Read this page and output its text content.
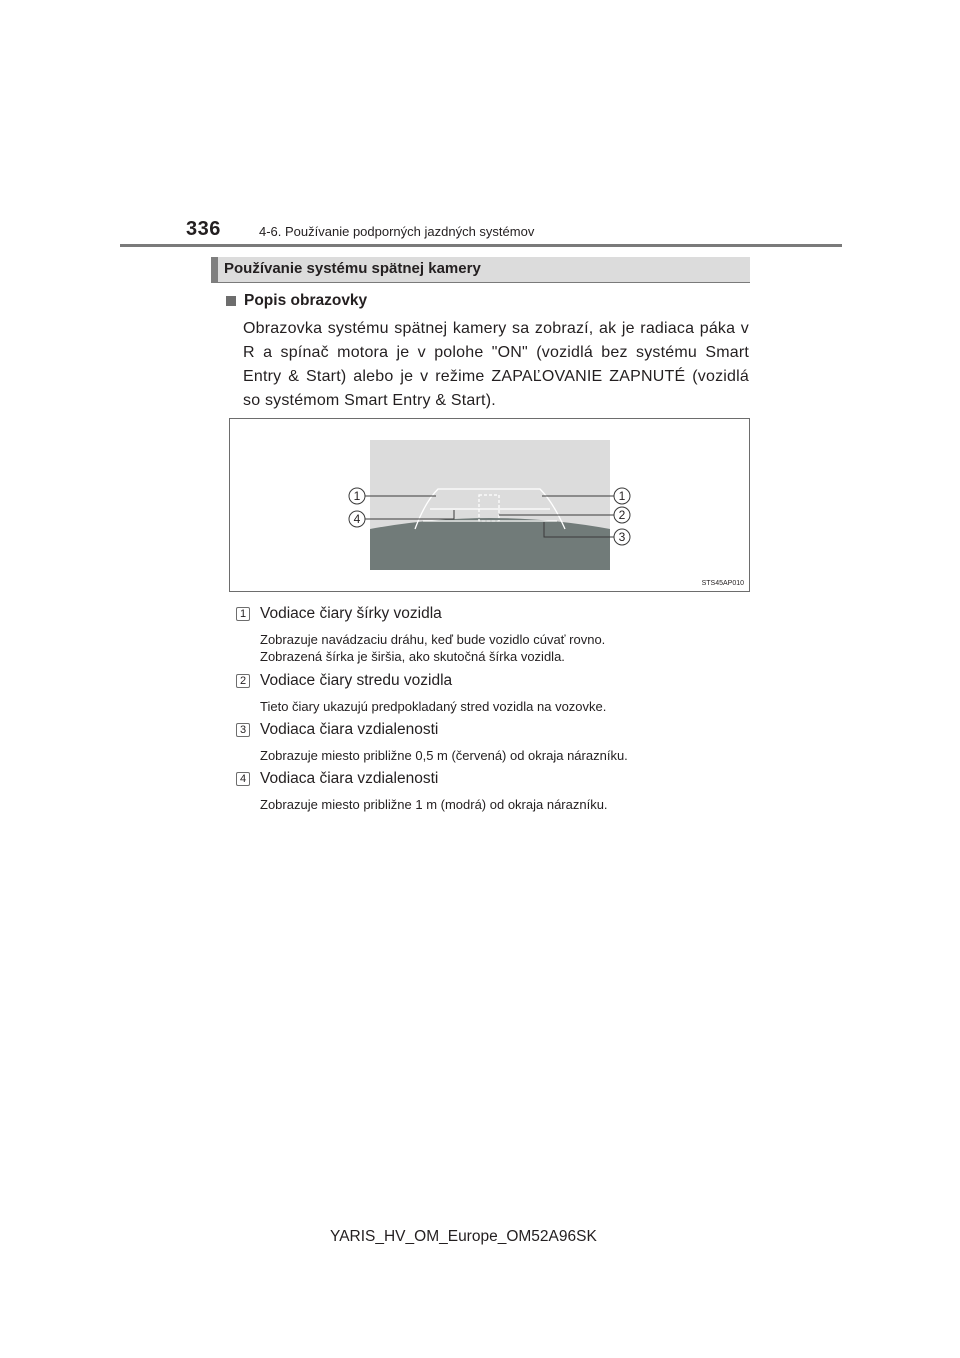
336	4-6. Používanie podporných jazdných systémov
Používanie systému spätnej kamery
Popis obrazovky
Obrazovka systému spätnej kamery sa zobrazí, ak je radiaca páka v R a spínač motora je v polohe "ON" (vozidlá bez systému Smart Entry & Start) alebo je v režime ZAPAĽOVANIE ZAPNUTÉ (vozidlá so systémom Smart Entry & Start).
1	1
4	2
3
STS45AP010
1 Vodiace čiary šírky vozidla
Zobrazuje navádzaciu dráhu, keď bude vozidlo cúvať rovno.
Zobrazená šírka je širšia, ako skutočná šírka vozidla.
2 Vodiace čiary stredu vozidla
Tieto čiary ukazujú predpokladaný stred vozidla na vozovke.
3 Vodiaca čiara vzdialenosti
Zobrazuje miesto približne 0,5 m (červená) od okraja nárazníku.
4 Vodiaca čiara vzdialenosti
Zobrazuje miesto približne 1 m (modrá) od okraja nárazníku.
YARIS_HV_OM_Europe_OM52A96SK
